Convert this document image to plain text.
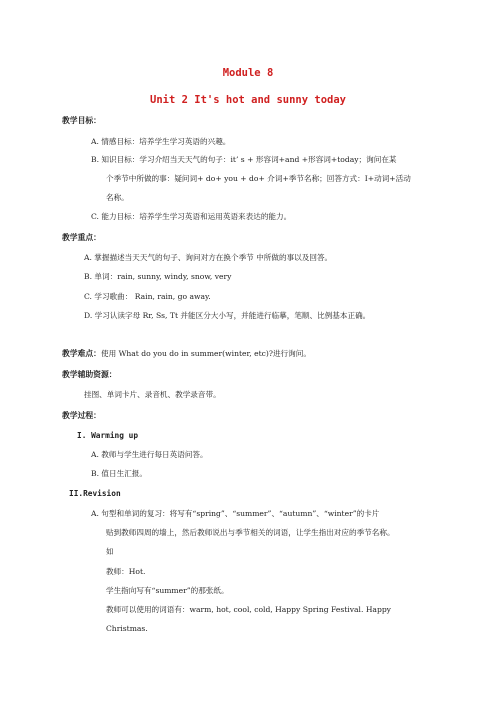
Module 8
Unit 2 It's hot and sunny today
教学目标：
A. 情感目标：培养学生学习英语的兴趣。
B. 知识目标：学习介绍当天天气的句子：it’ s + 形容词+and +形容词+today；询问在某
个季节中所做的事：疑问词+ do+ you + do+ 介词+季节名称；回答方式：I+动词+活动
名称。
C. 能力目标：培养学生学习英语和运用英语来表达的能力。
教学重点：
A. 掌握描述当天天气的句子、询问对方在换个季节 中所做的事以及回答。
B. 单词：rain, sunny, windy, snow, very
C. 学习歌曲： Rain, rain, go away.
D. 学习认读字母 Rr, Ss, Tt 并能区分大小写，并能进行临摹，笔顺、比例基本正确。
教学难点：使用 What do you do in summer(winter, etc)?进行询问。
教学辅助资源：
挂图、单词卡片、录音机、教学录音带。
教学过程：
I. Warming up
A. 教师与学生进行每日英语问答。
B. 值日生汇报。
II.Revision
A. 句型和单词的复习：将写有“spring”、“summer”、“autumn”、“winter”的卡片
贴到教师四周的墙上，然后教师说出与季节相关的词语，让学生指出对应的季节名称。
如
教师：Hot.
学生指向写有“summer”的那张纸。
教师可以使用的词语有：warm, hot, cool, cold, Happy Spring Festival. Happy
Christmas.
